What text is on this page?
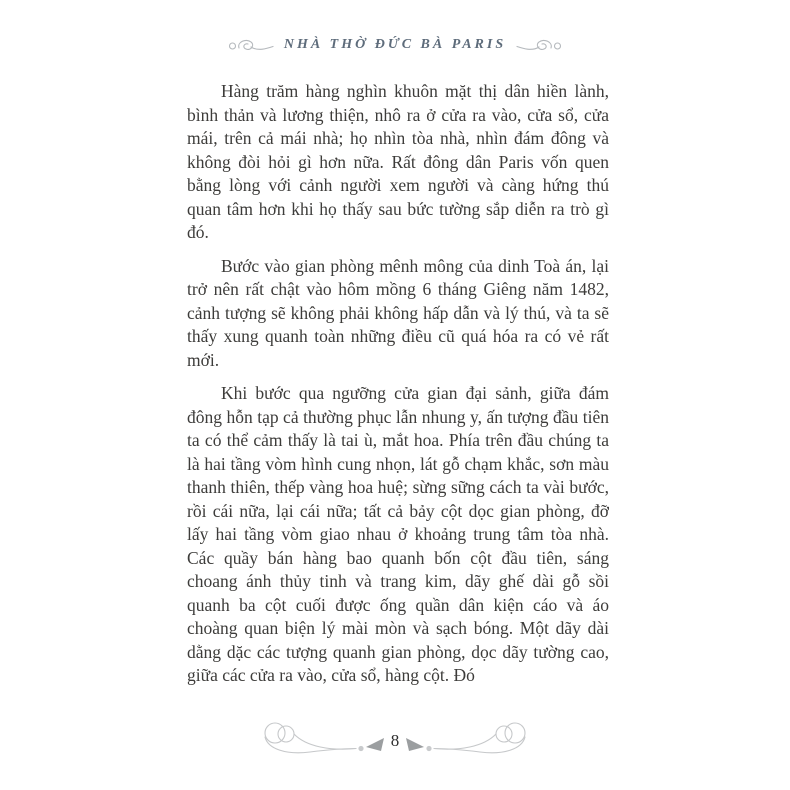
NHÀ THỜ ĐỨC BÀ PARIS

Hàng trăm hàng nghìn khuôn mặt thị dân hiền lành, bình thản và lương thiện, nhô ra ở cửa ra vào, cửa sổ, cửa mái, trên cả mái nhà; họ nhìn tòa nhà, nhìn đám đông và không đòi hỏi gì hơn nữa. Rất đông dân Paris vốn quen bằng lòng với cảnh người xem người và càng hứng thú quan tâm hơn khi họ thấy sau bức tường sắp diễn ra trò gì đó.

Bước vào gian phòng mênh mông của dinh Toà án, lại trở nên rất chật vào hôm mồng 6 tháng Giêng năm 1482, cảnh tượng sẽ không phải không hấp dẫn và lý thú, và ta sẽ thấy xung quanh toàn những điều cũ quá hóa ra có vẻ rất mới.

Khi bước qua ngưỡng cửa gian đại sảnh, giữa đám đông hỗn tạp cả thường phục lẫn nhung y, ấn tượng đầu tiên ta có thể cảm thấy là tai ù, mắt hoa. Phía trên đầu chúng ta là hai tầng vòm hình cung nhọn, lát gỗ chạm khắc, sơn màu thanh thiên, thếp vàng hoa huệ; sừng sững cách ta vài bước, rồi cái nữa, lại cái nữa; tất cả bảy cột dọc gian phòng, đỡ lấy hai tầng vòm giao nhau ở khoảng trung tâm tòa nhà. Các quầy bán hàng bao quanh bốn cột đầu tiên, sáng choang ánh thủy tinh và trang kim, dãy ghế dài gỗ sồi quanh ba cột cuối được ống quần dân kiện cáo và áo choàng quan biện lý mài mòn và sạch bóng. Một dãy dài dằng dặc các tượng quanh gian phòng, dọc dãy tường cao, giữa các cửa ra vào, cửa sổ, hàng cột. Đó

8
